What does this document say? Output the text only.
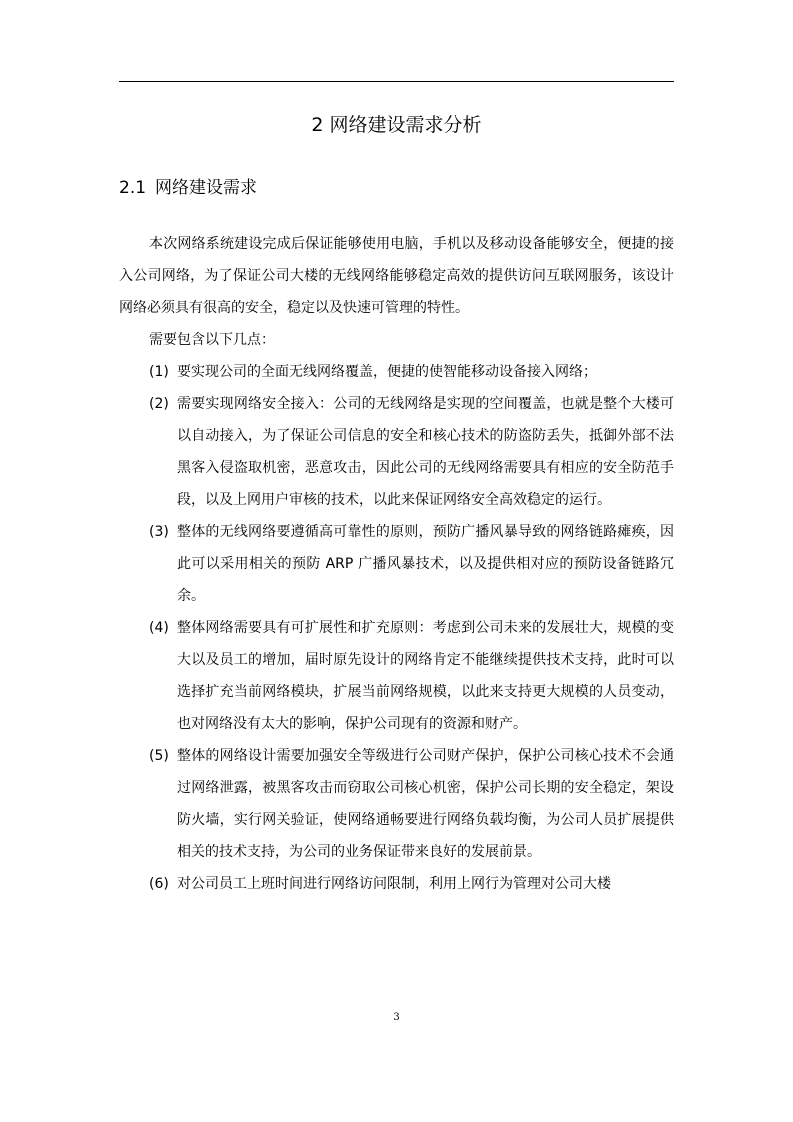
2 网络建设需求分析
2.1 网络建设需求

本次网络系统建设完成后保证能够使用电脑，手机以及移动设备能够安全，便捷的接入公司网络，为了保证公司大楼的无线网络能够稳定高效的提供访问互联网服务，该设计网络必须具有很高的安全，稳定以及快速可管理的特性。

需要包含以下几点：

(1) 要实现公司的全面无线网络覆盖，便捷的使智能移动设备接入网络；
(2) 需要实现网络安全接入：公司的无线网络是实现的空间覆盖，也就是整个大楼可以自动接入，为了保证公司信息的安全和核心技术的防盗防丢失，抵御外部不法黑客入侵盗取机密，恶意攻击，因此公司的无线网络需要具有相应的安全防范手段，以及上网用户审核的技术，以此来保证网络安全高效稳定的运行。
(3) 整体的无线网络要遵循高可靠性的原则，预防广播风暴导致的网络链路瘫痪，因此可以采用相关的预防 ARP 广播风暴技术，以及提供相对应的预防设备链路冗余。
(4) 整体网络需要具有可扩展性和扩充原则：考虑到公司未来的发展壮大，规模的变大以及员工的增加，届时原先设计的网络肯定不能继续提供技术支持，此时可以选择扩充当前网络模块，扩展当前网络规模，以此来支持更大规模的人员变动，也对网络没有太大的影响，保护公司现有的资源和财产。
(5) 整体的网络设计需要加强安全等级进行公司财产保护，保护公司核心技术不会通过网络泄露，被黑客攻击而窃取公司核心机密，保护公司长期的安全稳定，架设防火墙，实行网关验证，使网络通畅要进行网络负载均衡，为公司人员扩展提供相关的技术支持，为公司的业务保证带来良好的发展前景。
(6) 对公司员工上班时间进行网络访问限制，利用上网行为管理对公司大楼
3
